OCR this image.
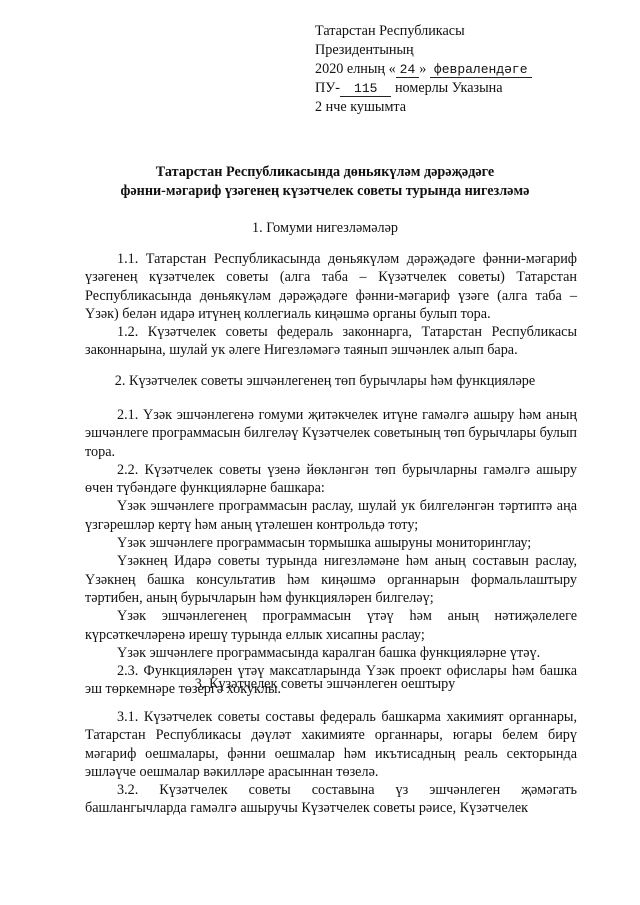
Татарстан Республикасы
Президентының
2020 елның « 24 » февралендәге
ПУ- 115 номерлы Указына
2 нче кушымта
Татарстан Республикасында дөньякүләм дәрәҗәдәге
фәнни-мәгариф үзәгенең күзәтчелек советы турында нигезләмә
1. Гомуми нигезләмәләр

1.1. Татарстан Республикасында дөньякүләм дәрәҗәдәге фәнни-мәгариф үзәгенең күзәтчелек советы (алга таба – Күзәтчелек советы) Татарстан Республикасында дөньякүләм дәрәҗәдәге фәнни-мәгариф үзәге (алга таба – Үзәк) белән идарә итүнең коллегиаль киңәшмә органы булып тора.

1.2. Күзәтчелек советы федераль законнарга, Татарстан Республикасы законнарына, шулай ук әлеге Нигезләмәгә таянып эшчәнлек алып бара.

2. Күзәтчелек советы эшчәнлегенең төп бурычлары һәм функцияләре

2.1. Үзәк эшчәнлегенә гомуми җитәкчелек итүне гамәлгә ашыру һәм аның эшчәнлеге программасын билгеләү Күзәтчелек советының төп бурычлары булып тора.

2.2. Күзәтчелек советы үзенә йөкләнгән төп бурычларны гамәлгә ашыру өчен түбәндәге функцияләрне башкара:

Үзәк эшчәнлеге программасын раслау, шулай ук билгеләнгән тәртиптә аңа үзгәрешләр кертү һәм аның үтәлешен контрольдә тоту;

Үзәк эшчәнлеге программасын тормышка ашыруны мониторинглау;

Үзәкнең Идарә советы турында нигезләмәне һәм аның составын раслау, Үзәкнең башка консультатив һәм киңәшмә органнарын формальлаштыру тәртибен, аның бурычларын һәм функцияләрен билгеләү;

Үзәк эшчәнлегенең программасын үтәү һәм аның нәтиҗәлелеге күрсәткечләренә ирешү турында еллык хисапны раслау;

Үзәк эшчәнлеге программасында каралган башка функцияләрне үтәү.

2.3. Функцияләрен үтәү максатларында Үзәк проект офислары һәм башка эш төркемнәре төзергә хокуклы.

3. Күзәтчелек советы эшчәнлеген оештыру

3.1. Күзәтчелек советы составы федераль башкарма хакимият органнары, Татарстан Республикасы дәүләт хакимияте органнары, югары белем бирү мәгариф оешмалары, фәнни оешмалар һәм икътисадның реаль секторында эшләүче оешмалар вәкилләре арасыннан төзелә.

3.2. Күзәтчелек советы составына үз эшчәнлеген җәмәгать башлангычларда гамәлгә ашыручы Күзәтчелек советы рәисе, Күзәтчелек
